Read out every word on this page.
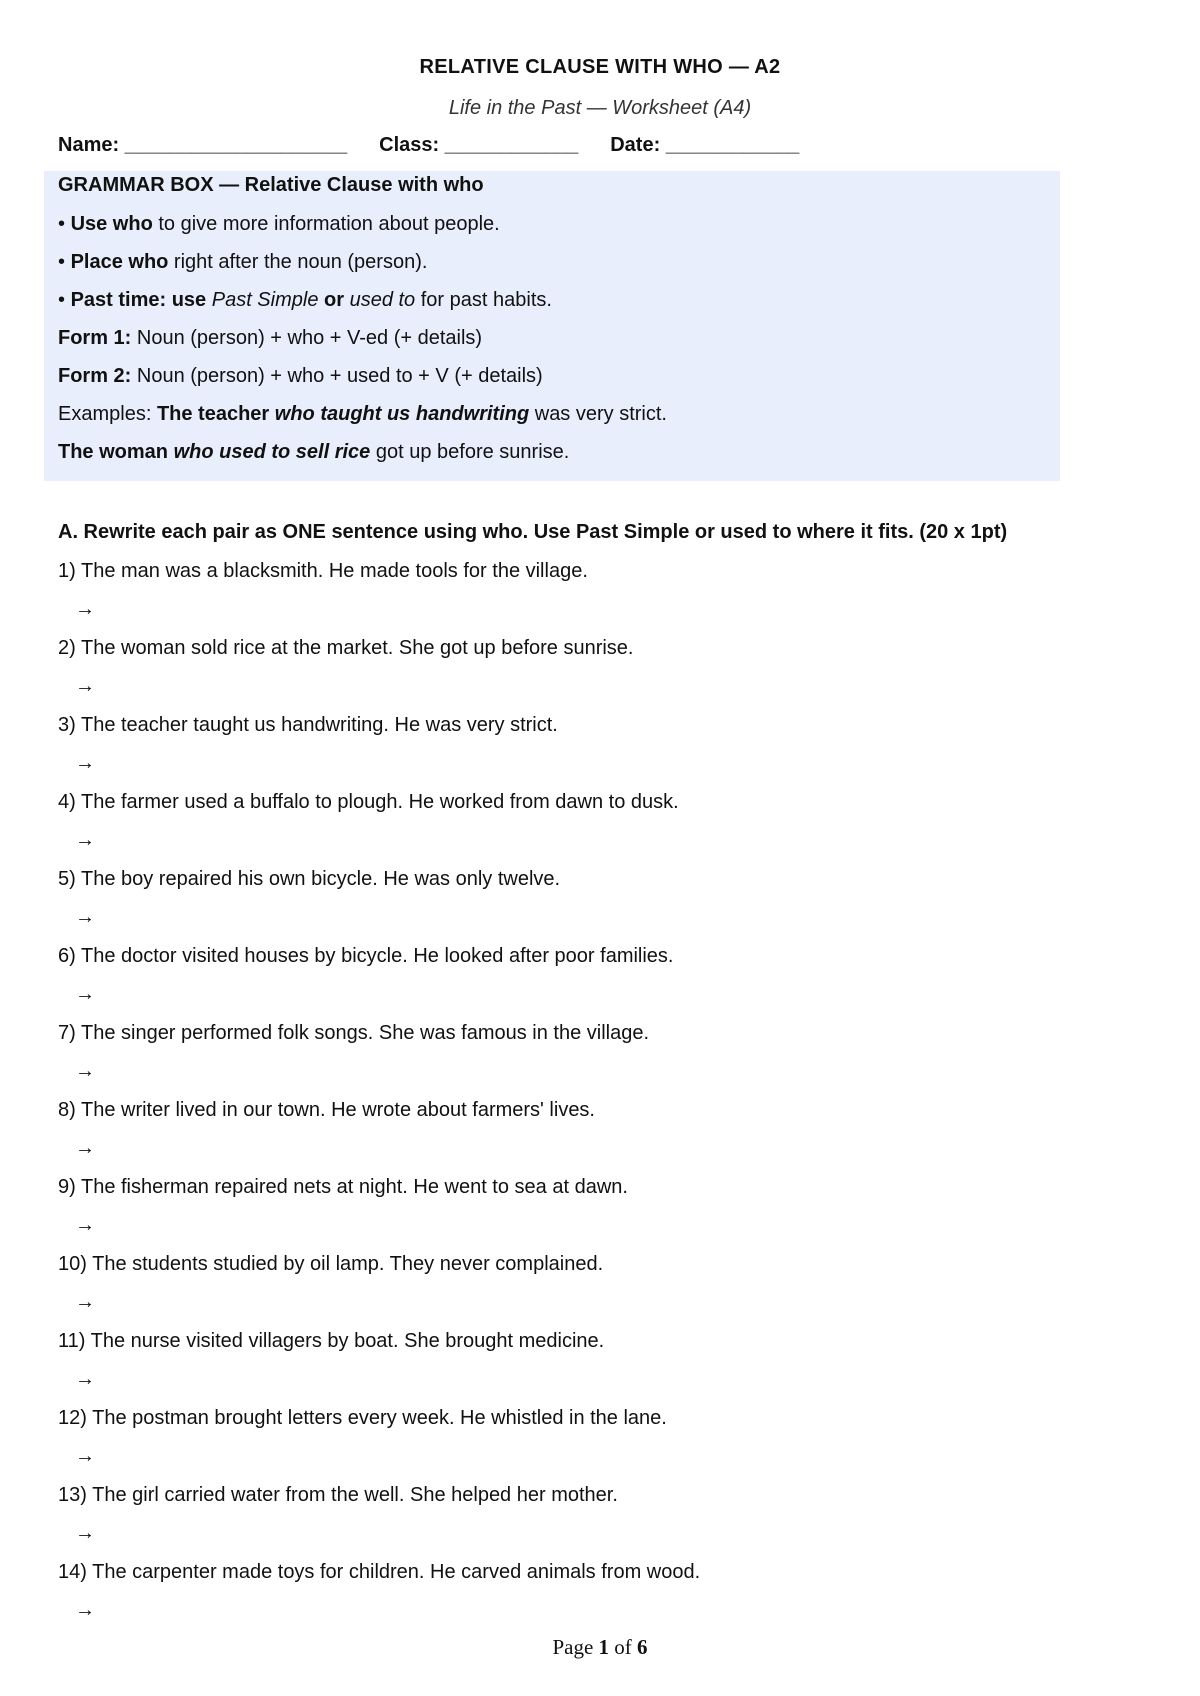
RELATIVE CLAUSE WITH WHO — A2
Life in the Past — Worksheet (A4)
Name: ____________________ Class: ____________ Date: ____________
GRAMMAR BOX — Relative Clause with who
• Use who to give more information about people.
• Place who right after the noun (person).
• Past time: use Past Simple or used to for past habits.
Form 1: Noun (person) + who + V-ed (+ details)
Form 2: Noun (person) + who + used to + V (+ details)
Examples: The teacher who taught us handwriting was very strict.
The woman who used to sell rice got up before sunrise.
A. Rewrite each pair as ONE sentence using who. Use Past Simple or used to where it fits. (20 x 1pt)
1) The man was a blacksmith. He made tools for the village.
→
2) The woman sold rice at the market. She got up before sunrise.
→
3) The teacher taught us handwriting. He was very strict.
→
4) The farmer used a buffalo to plough. He worked from dawn to dusk.
→
5) The boy repaired his own bicycle. He was only twelve.
→
6) The doctor visited houses by bicycle. He looked after poor families.
→
7) The singer performed folk songs. She was famous in the village.
→
8) The writer lived in our town. He wrote about farmers' lives.
→
9) The fisherman repaired nets at night. He went to sea at dawn.
→
10) The students studied by oil lamp. They never complained.
→
11) The nurse visited villagers by boat. She brought medicine.
→
12) The postman brought letters every week. He whistled in the lane.
→
13) The girl carried water from the well. She helped her mother.
→
14) The carpenter made toys for children. He carved animals from wood.
→
Page 1 of 6
